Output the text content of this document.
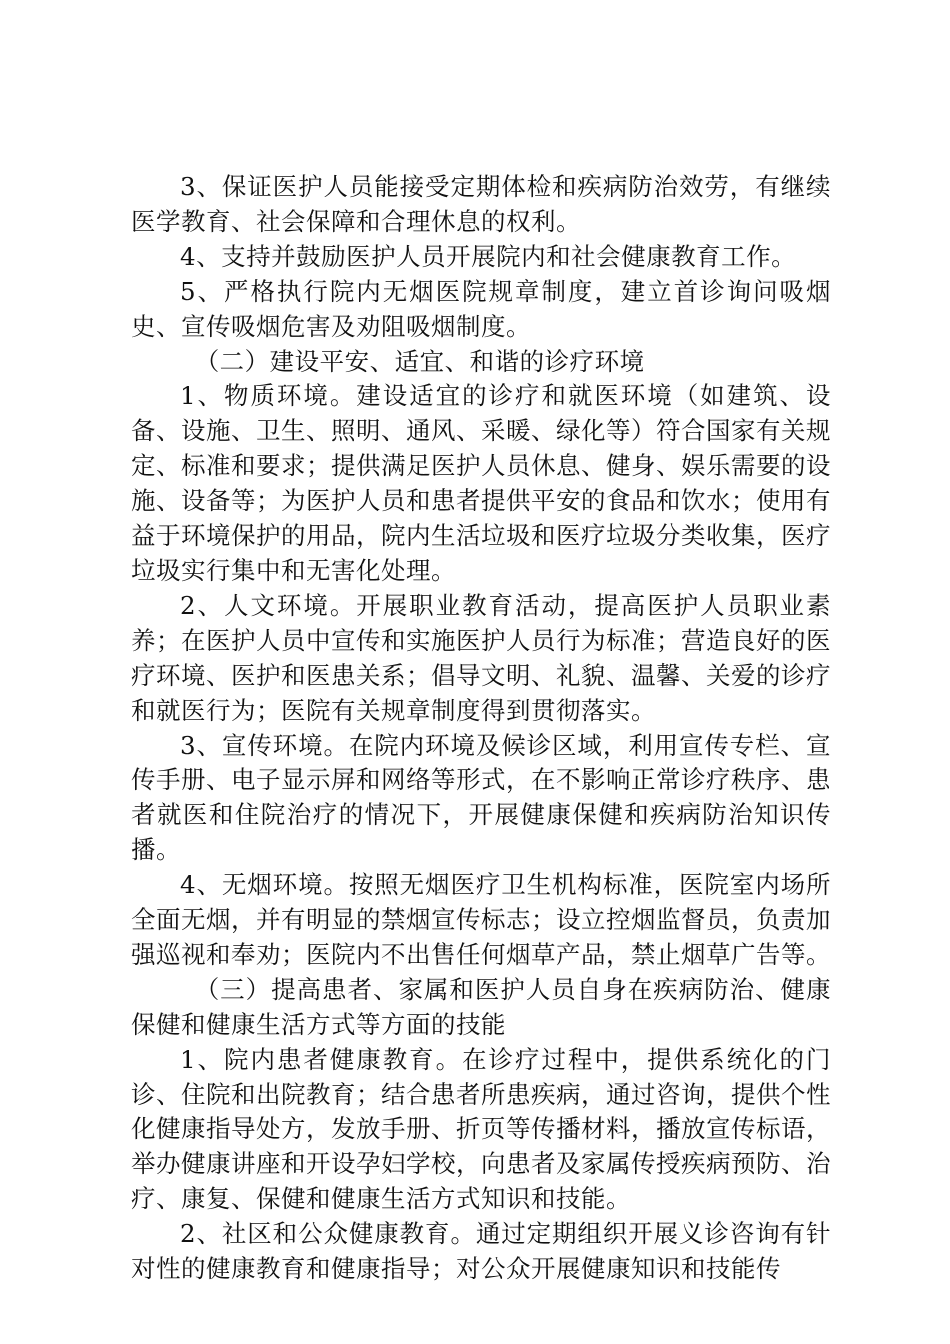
3、保证医护人员能接受定期体检和疾病防治效劳，有继续医学教育、社会保障和合理休息的权利。

4、支持并鼓励医护人员开展院内和社会健康教育工作。

5、严格执行院内无烟医院规章制度，建立首诊询问吸烟史、宣传吸烟危害及劝阻吸烟制度。

（二）建设平安、适宜、和谐的诊疗环境

1、物质环境。建设适宜的诊疗和就医环境（如建筑、设备、设施、卫生、照明、通风、采暖、绿化等）符合国家有关规定、标准和要求；提供满足医护人员休息、健身、娱乐需要的设施、设备等；为医护人员和患者提供平安的食品和饮水；使用有益于环境保护的用品，院内生活垃圾和医疗垃圾分类收集，医疗垃圾实行集中和无害化处理。

2、人文环境。开展职业教育活动，提高医护人员职业素养；在医护人员中宣传和实施医护人员行为标准；营造良好的医疗环境、医护和医患关系；倡导文明、礼貌、温馨、关爱的诊疗和就医行为；医院有关规章制度得到贯彻落实。

3、宣传环境。在院内环境及候诊区域，利用宣传专栏、宣传手册、电子显示屏和网络等形式，在不影响正常诊疗秩序、患者就医和住院治疗的情况下，开展健康保健和疾病防治知识传播。

4、无烟环境。按照无烟医疗卫生机构标准，医院室内场所全面无烟，并有明显的禁烟宣传标志；设立控烟监督员，负责加强巡视和奉劝；医院内不出售任何烟草产品，禁止烟草广告等。

（三）提高患者、家属和医护人员自身在疾病防治、健康保健和健康生活方式等方面的技能

1、院内患者健康教育。在诊疗过程中，提供系统化的门诊、住院和出院教育；结合患者所患疾病，通过咨询，提供个性化健康指导处方，发放手册、折页等传播材料，播放宣传标语，举办健康讲座和开设孕妇学校，向患者及家属传授疾病预防、治疗、康复、保健和健康生活方式知识和技能。

2、社区和公众健康教育。通过定期组织开展义诊咨询有针对性的健康教育和健康指导；对公众开展健康知识和技能传
